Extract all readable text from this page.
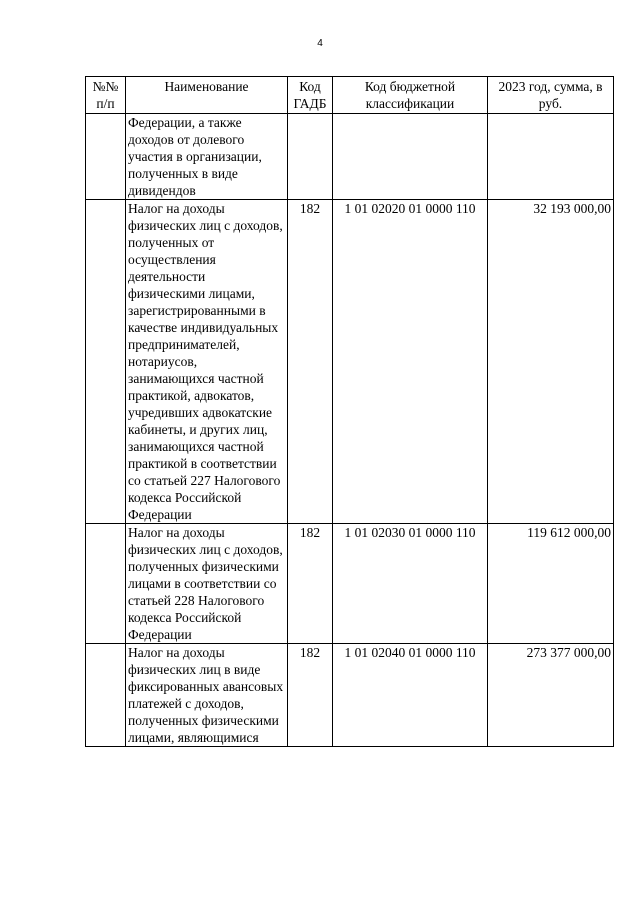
4
№№ п/п	Наименование	Код ГАДБ	Код бюджетной классификации	2023 год, сумма, в руб.
	Федерации, а также доходов от долевого участия в организации, полученных в виде дивидендов			
	Налог на доходы физических лиц с доходов, полученных от осуществления деятельности физическими лицами, зарегистрированными в качестве индивидуальных предпринимателей, нотариусов, занимающихся частной практикой, адвокатов, учредивших адвокатские кабинеты, и других лиц, занимающихся частной практикой в соответствии со статьей 227 Налогового кодекса Российской Федерации	182	1 01 02020 01 0000 110	32 193 000,00
	Налог на доходы физических лиц с доходов, полученных физическими лицами в соответствии со статьей 228 Налогового кодекса Российской Федерации	182	1 01 02030 01 0000 110	119 612 000,00
	Налог на доходы физических лиц в виде фиксированных авансовых платежей с доходов, полученных физическими лицами, являющимися	182	1 01 02040 01 0000 110	273 377 000,00
